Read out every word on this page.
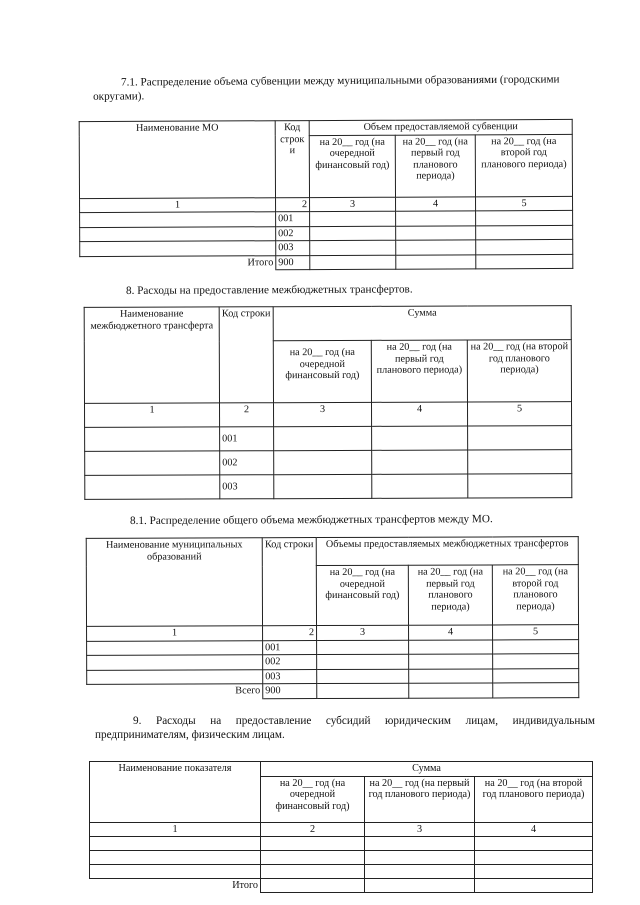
7.1. Распределение объема субвенции между муниципальными образованиями (городскими округами).

Наименование МО	Код строк и	Объем предоставляемой субвенции		
		на 20__ год (на очередной финансовый год)	на 20__ год (на первый год планового периода)	на 20__ год (на второй год планового периода)
1	2	3	4	5
	001			
	002			
	003			
Итого	900			

8. Расходы на предоставление межбюджетных трансфертов.

Наименование межбюджетного трансферта	Код строки	Сумма		
		на 20__ год (на очередной финансовый год)	на 20__ год (на первый год планового периода)	на 20__ год (на второй год планового периода)
1	2	3	4	5
	001			
	002			
	003			

8.1. Распределение общего объема межбюджетных трансфертов между МО.

Наименование муниципальных образований	Код строки	Объемы предоставляемых межбюджетных трансфертов		
		на 20__ год (на очередной финансовый год)	на 20__ год (на первый год планового периода)	на 20__ год (на второй год планового периода)
1	2	3	4	5
	001			
	002			
	003			
Всего	900			

9. Расходы на предоставление субсидий юридическим лицам, индивидуальным предпринимателям, физическим лицам.

Наименование показателя	Сумма		
	на 20__ год (на очередной финансовый год)	на 20__ год (на первый год планового периода)	на 20__ год (на второй год планового периода)
1	2	3	4

Итого			
